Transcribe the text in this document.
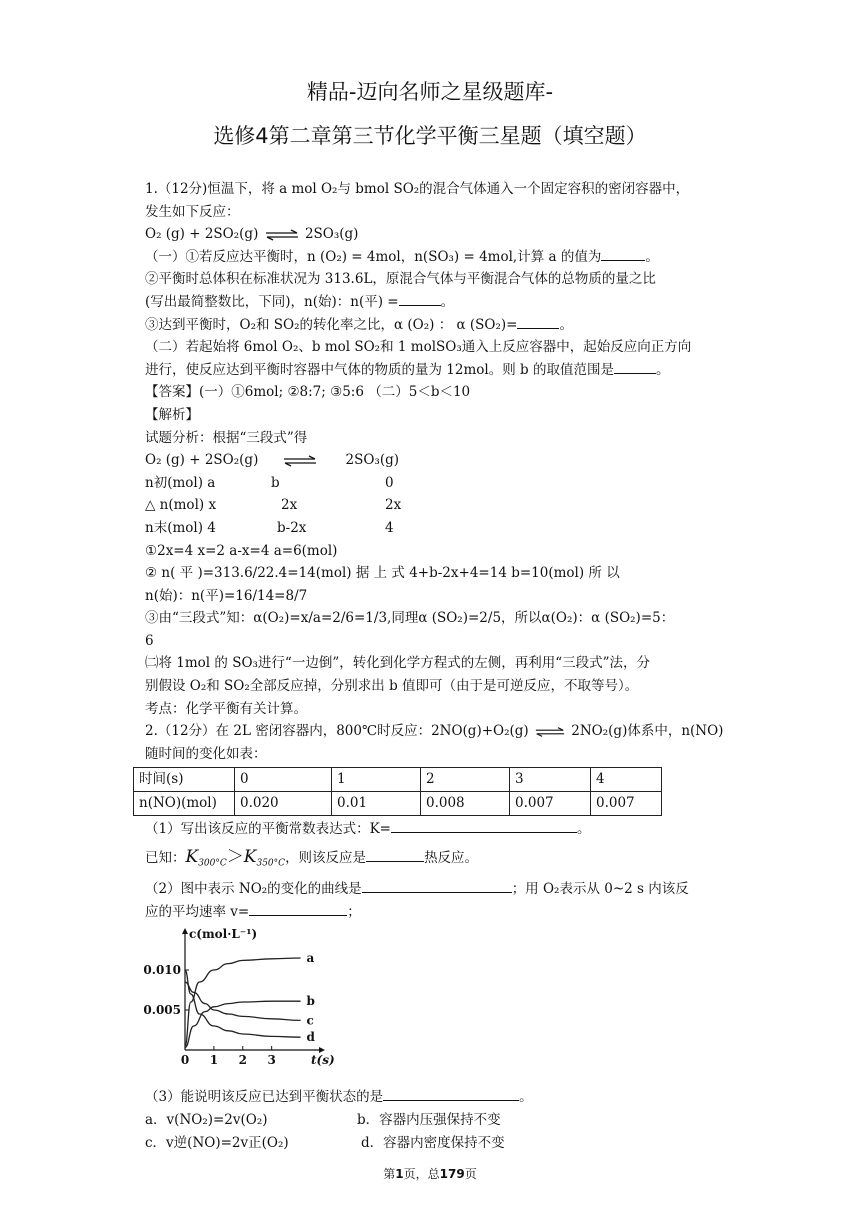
精品-迈向名师之星级题库-
选修4第二章第三节化学平衡三星题（填空题）
1.（12分)恒温下，将 a mol O₂与 bmol SO₂的混合气体通入一个固定容积的密闭容器中，
发生如下反应：
O₂ (g) + 2SO₂(g) ⇌ 2SO₃(g)
（一）①若反应达平衡时，n (O₂) = 4mol，n(SO₃) = 4mol,计算 a 的值为	。
②平衡时总体积在标准状况为 313.6L，原混合气体与平衡混合气体的总物质的量之比
(写出最简整数比，下同)，n(始)：n(平) =	。
③达到平衡时，O₂和 SO₂的转化率之比，α (O₂) ： α (SO₂)=	。
（二）若起始将 6mol O₂、b mol SO₂和 1 molSO₃通入上反应容器中，起始反应向正方向
进行，使反应达到平衡时容器中气体的物质的量为 12mol。则 b 的取值范围是	。
【答案】(一）①6mol; ②8:7; ③5:6 （二）5＜b＜10
【解析】
试题分析：根据“三段式”得
O₂ (g) + 2SO₂(g)	2SO₃(g)
n初(mol) a	b	0
△ n(mol) x	2x	2x
n末(mol) 4	b-2x	4
①2x=4 x=2 a-x=4 a=6(mol)
② n( 平 )=313.6/22.4=14(mol) 据 上 式 4+b-2x+4=14 b=10(mol) 所 以
n(始)：n(平)=16/14=8/7
③由“三段式”知：α(O₂)=x/a=2/6=1/3,同理α (SO₂)=2/5，所以α(O₂)：α (SO₂)=5：
6
㈡将 1mol 的 SO₃进行“一边倒”，转化到化学方程式的左侧，再利用“三段式”法，分
别假设 O₂和 SO₂全部反应掉，分别求出 b 值即可（由于是可逆反应，不取等号）。
考点：化学平衡有关计算。
2.（12分）在 2L 密闭容器内，800℃时反应：2NO(g)+O₂(g) ⇌ 2NO₂(g)体系中，n(NO)
随时间的变化如表：
时间(s)	0	1	2	3	4
n(NO)(mol)	0.020	0.01	0.008	0.007	0.007
（1）写出该反应的平衡常数表达式：K=	。
已知：$K_{300^\circ C}>K_{350^\circ C}$，则该反应是	热反应。
（2）图中表示 NO₂的变化的曲线是	；用 O₂表示从 0~2 s 内该反
应的平均速率 v=	；
（3）能说明该反应已达到平衡状态的是	。
a．v(NO₂)=2v(O₂)	b．容器内压强保持不变
c．v逆(NO)=2v正(O₂)	d．容器内密度保持不变
0.010
0.005
0 1 2 3
c(mol·L⁻¹)
t(s)
a
b
c
d
第1页，总179页
